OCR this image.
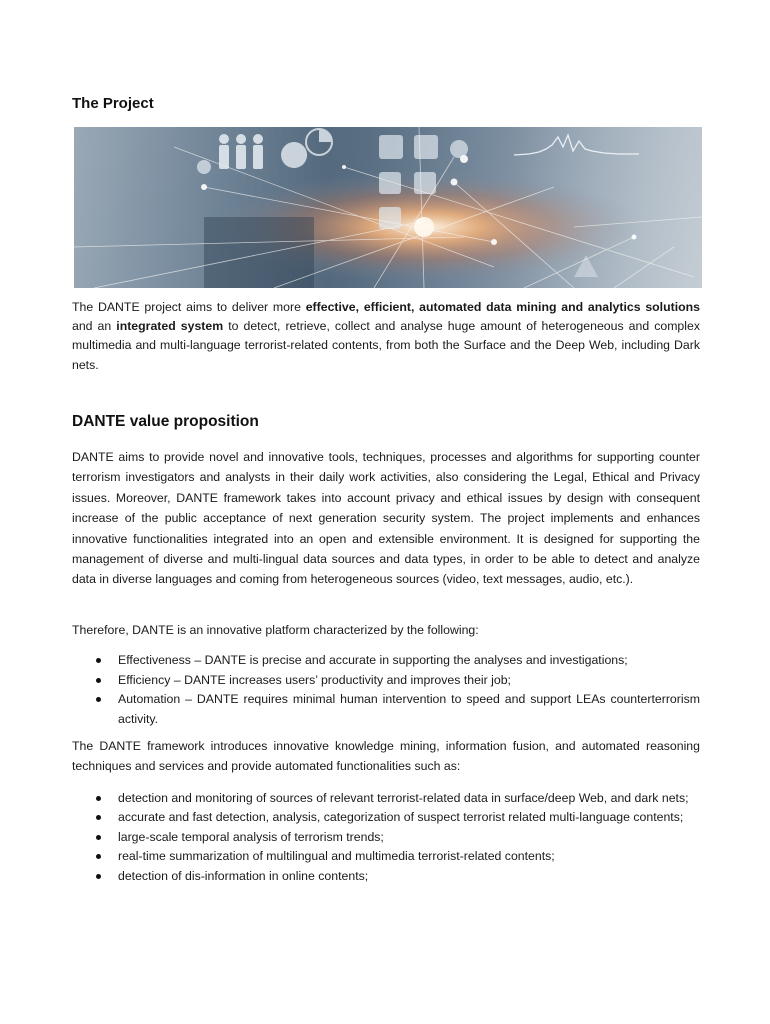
The Project

The DANTE project aims to deliver more effective, efficient, automated data mining and analytics solutions and an integrated system to detect, retrieve, collect and analyse huge amount of heterogeneous and complex multimedia and multi-language terrorist-related contents, from both the Surface and the Deep Web, including Dark nets.

DANTE value proposition

DANTE aims to provide novel and innovative tools, techniques, processes and algorithms for supporting counter terrorism investigators and analysts in their daily work activities, also considering the Legal, Ethical and Privacy issues. Moreover, DANTE framework takes into account privacy and ethical issues by design with consequent increase of the public acceptance of next generation security system. The project implements and enhances innovative functionalities integrated into an open and extensible environment. It is designed for supporting the management of diverse and multi-lingual data sources and data types, in order to be able to detect and analyze data in diverse languages and coming from heterogeneous sources (video, text messages, audio, etc.).

Therefore, DANTE is an innovative platform characterized by the following:

Effectiveness – DANTE is precise and accurate in supporting the analyses and investigations;
Efficiency – DANTE increases users’ productivity and improves their job;
Automation – DANTE requires minimal human intervention to speed and support LEAs counterterrorism activity.

The DANTE framework introduces innovative knowledge mining, information fusion, and automated reasoning techniques and services and provide automated functionalities such as:

detection and monitoring of sources of relevant terrorist-related data in surface/deep Web, and dark nets;
accurate and fast detection, analysis, categorization of suspect terrorist related multi-language contents;
large-scale temporal analysis of terrorism trends;
real-time summarization of multilingual and multimedia terrorist-related contents;
detection of dis-information in online contents;
